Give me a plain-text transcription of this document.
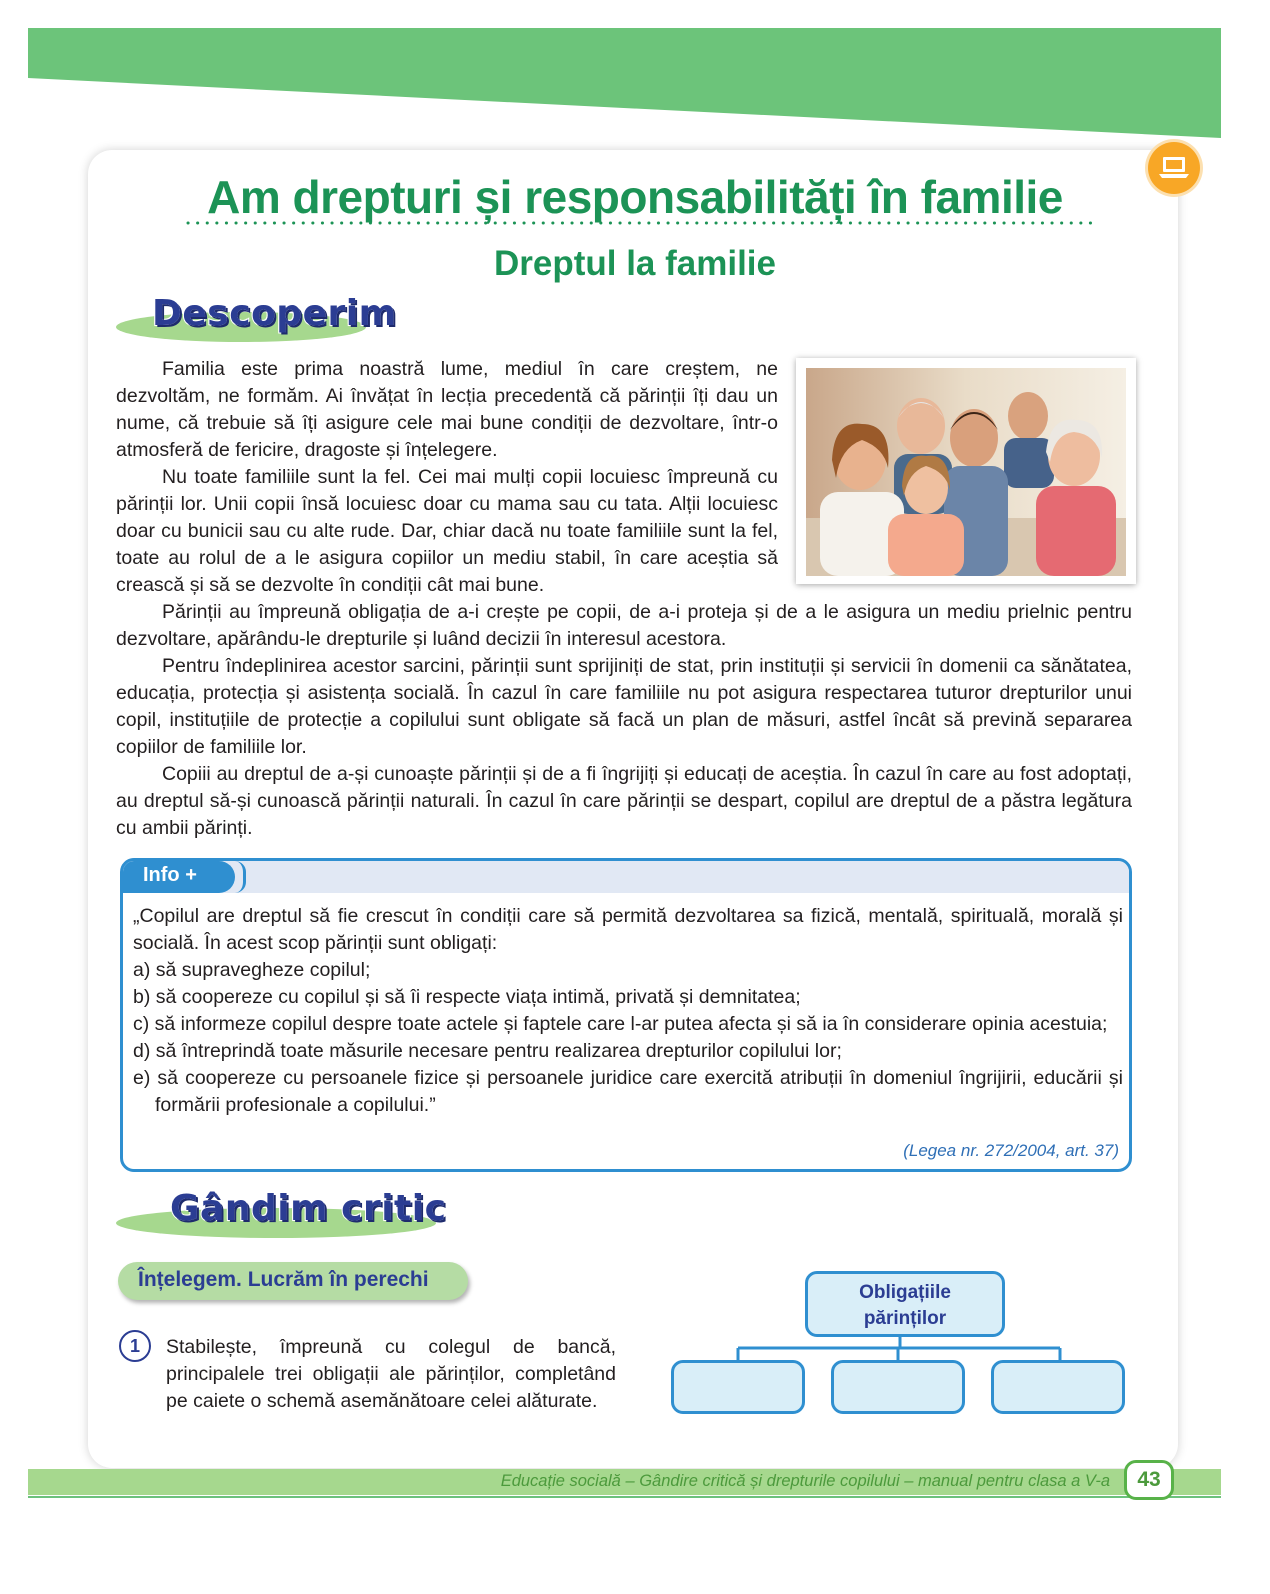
Am drepturi și responsabilități în familie
Dreptul la familie
Descoperim

Familia este prima noastră lume, mediul în care creștem, ne dezvoltăm, ne formăm. Ai învățat în lecția precedentă că părinții îți dau un nume, că trebuie să îți asigure cele mai bune condiții de dezvoltare, într-o atmosferă de fericire, dragoste și înțelegere.

Nu toate familiile sunt la fel. Cei mai mulți copii locuiesc împreună cu părinții lor. Unii copii însă locuiesc doar cu mama sau cu tata. Alții locuiesc doar cu bunicii sau cu alte rude. Dar, chiar dacă nu toate familiile sunt la fel, toate au rolul de a le asigura copiilor un mediu stabil, în care aceștia să crească și să se dezvolte în condiții cât mai bune.

Părinții au împreună obligația de a-i crește pe copii, de a-i proteja și de a le asigura un mediu prielnic pentru dezvoltare, apărându-le drepturile și luând decizii în interesul acestora.

Pentru îndeplinirea acestor sarcini, părinții sunt sprijiniți de stat, prin instituții și servicii în domenii ca sănătatea, educația, protecția și asistența socială. În cazul în care familiile nu pot asigura respectarea tuturor drepturilor unui copil, instituțiile de protecție a copilului sunt obligate să facă un plan de măsuri, astfel încât să prevină separarea copiilor de familiile lor.

Copiii au dreptul de a-și cunoaște părinții și de a fi îngrijiți și educați de aceștia. În cazul în care au fost adoptați, au dreptul să-și cunoască părinții naturali. În cazul în care părinții se despart, copilul are dreptul de a păstra legătura cu ambii părinți.

Info +

„Copilul are dreptul să fie crescut în condiții care să permită dezvoltarea sa fizică, mentală, spirituală, morală și socială. În acest scop părinții sunt obligați:

a) să supravegheze copilul;

b) să coopereze cu copilul și să îi respecte viața intimă, privată și demnitatea;

c) să informeze copilul despre toate actele și faptele care l-ar putea afecta și să ia în considerare opinia acestuia;

d) să întreprindă toate măsurile necesare pentru realizarea drepturilor copilului lor;

e) să coopereze cu persoanele fizice și persoanele juridice care exercită atribuții în domeniul îngrijirii, educării și formării profesionale a copilului.”

(Legea nr. 272/2004, art. 37)
Gândim critic
Înțelegem. Lucrăm în perechi
1	Stabilește, împreună cu colegul de bancă, principalele trei obligații ale părinților, completând pe caiete o schemă asemănătoare celei alăturate.

Obligațiile
părinților
Educație socială – Gândire critică și drepturile copilului – manual pentru clasa a V-a	43
